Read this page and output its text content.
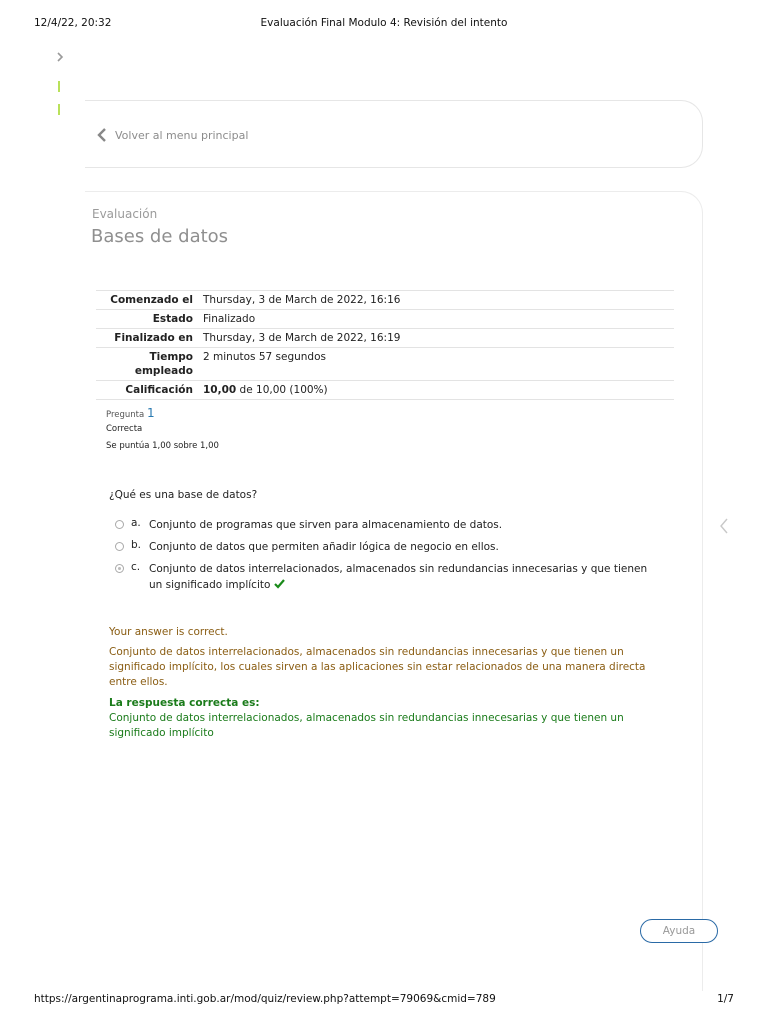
12/4/22, 20:32	Evaluación Final Modulo 4: Revisión del intento
Volver al menu principal
Evaluación
Bases de datos
Comenzado el	Thursday, 3 de March de 2022, 16:16
Estado	Finalizado
Finalizado en	Thursday, 3 de March de 2022, 16:19
Tiempo empleado	2 minutos 57 segundos
Calificación	10,00 de 10,00 (100%)
Pregunta 1
Correcta
Se puntúa 1,00 sobre 1,00
¿Qué es una base de datos?
a. Conjunto de programas que sirven para almacenamiento de datos.
b. Conjunto de datos que permiten añadir lógica de negocio en ellos.
c. Conjunto de datos interrelacionados, almacenados sin redundancias innecesarias y que tienen un significado implícito
Your answer is correct.
Conjunto de datos interrelacionados, almacenados sin redundancias innecesarias y que tienen un significado implícito, los cuales sirven a las aplicaciones sin estar relacionados de una manera directa entre ellos.
La respuesta correcta es:
Conjunto de datos interrelacionados, almacenados sin redundancias innecesarias y que tienen un significado implícito
Ayuda
https://argentinaprograma.inti.gob.ar/mod/quiz/review.php?attempt=79069&cmid=789	1/7
